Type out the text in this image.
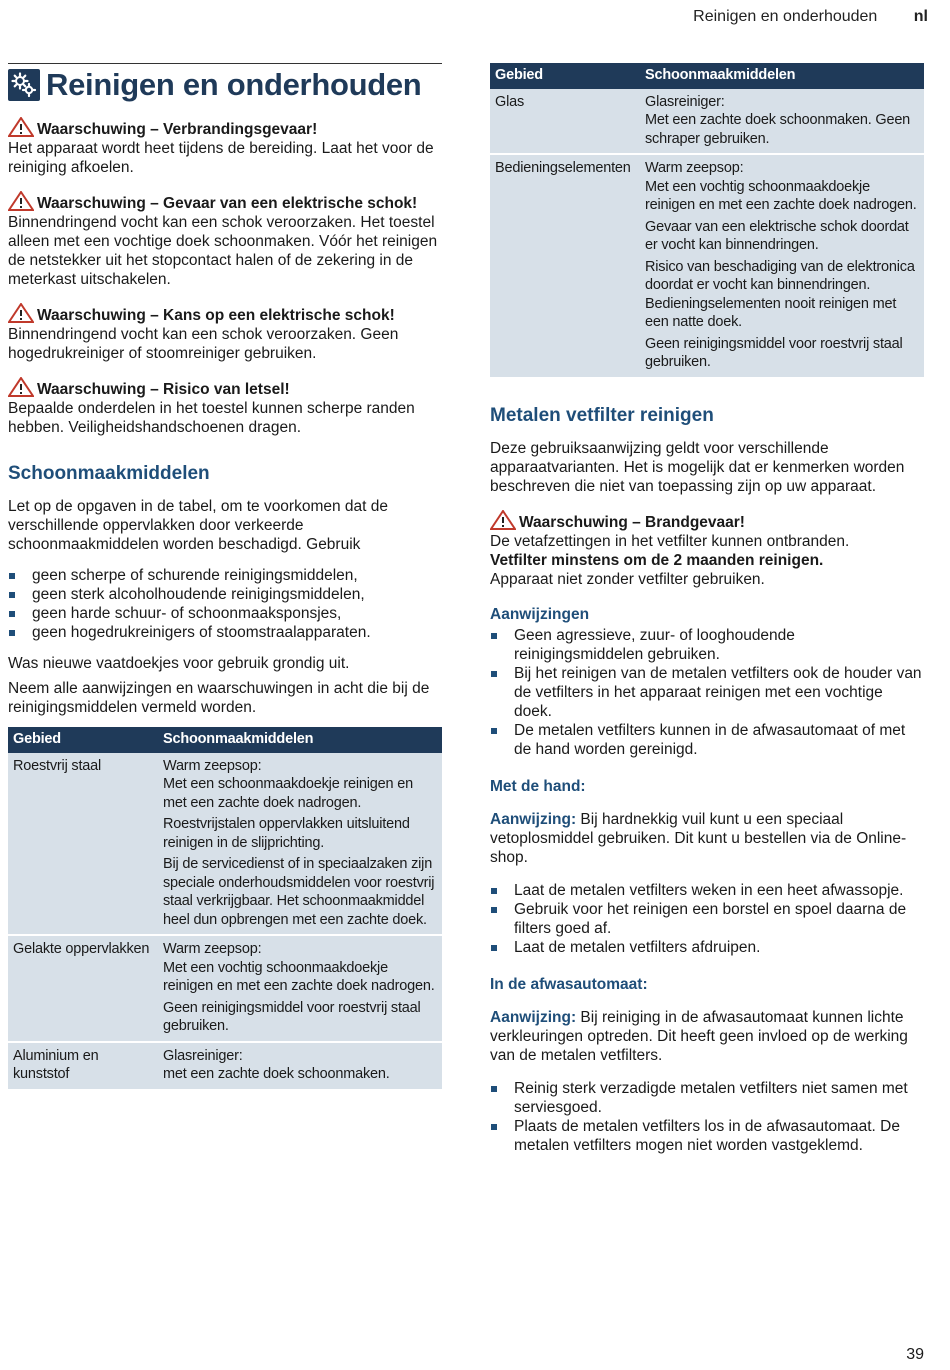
Reinigen en onderhouden nl
Reinigen en onderhouden
Waarschuwing – Verbrandingsgevaar!

Het apparaat wordt heet tijdens de bereiding. Laat het voor de reiniging afkoelen.

Waarschuwing – Gevaar van een elektrische schok!

Binnendringend vocht kan een schok veroorzaken. Het toestel alleen met een vochtige doek schoonmaken. Vóór het reinigen de netstekker uit het stopcontact halen of de zekering in de meterkast uitschakelen.

Waarschuwing – Kans op een elektrische schok!

Binnendringend vocht kan een schok veroorzaken. Geen hogedrukreiniger of stoomreiniger gebruiken.

Waarschuwing – Risico van letsel!

Bepaalde onderdelen in het toestel kunnen scherpe randen hebben. Veiligheidshandschoenen dragen.

Schoonmaakmiddelen

Let op de opgaven in de tabel, om te voorkomen dat de verschillende oppervlakken door verkeerde schoonmaakmiddelen worden beschadigd. Gebruik

geen scherpe of schurende reinigingsmiddelen,
geen sterk alcoholhoudende reinigingsmiddelen,
geen harde schuur- of schoonmaaksponsjes,
geen hogedrukreinigers of stoomstraalapparaten.

Was nieuwe vaatdoekjes voor gebruik grondig uit.

Neem alle aanwijzingen en waarschuwingen in acht die bij de reinigingsmiddelen vermeld worden.

Gebied	Schoonmaakmiddelen
Roestvrij staal	Warm zeepsop:
Met een schoonmaakdoekje reinigen en met een zachte doek nadrogen.
Roestvrijstalen oppervlakken uitsluitend reinigen in de slijprichting.
Bij de servicedienst of in speciaalzaken zijn speciale onderhoudsmiddelen voor roestvrij staal verkrijgbaar. Het schoonmaakmiddel heel dun opbrengen met een zachte doek.

Gelakte oppervlakken	Warm zeepsop:
Met een vochtig schoonmaakdoekje reinigen en met een zachte doek nadrogen.
Geen reinigingsmiddel voor roestvrij staal gebruiken.

Aluminium en kunststof	Glasreiniger:
met een zachte doek schoonmaken.
Gebied	Schoonmaakmiddelen
Glas	Glasreiniger:
Met een zachte doek schoonmaken. Geen schraper gebruiken.

Bedieningselementen	Warm zeepsop:
Met een vochtig schoonmaakdoekje reinigen en met een zachte doek nadrogen.
Gevaar van een elektrische schok doordat er vocht kan binnendringen.
Risico van beschadiging van de elektronica doordat er vocht kan binnendringen. Bedieningselementen nooit reinigen met een natte doek.
Geen reinigingsmiddel voor roestvrij staal gebruiken.
Metalen vetfilter reinigen

Deze gebruiksaanwijzing geldt voor verschillende apparaatvarianten. Het is mogelijk dat er kenmerken worden beschreven die niet van toepassing zijn op uw apparaat.

Waarschuwing – Brandgevaar!

De vetafzettingen in het vetfilter kunnen ontbranden.

Vetfilter minstens om de 2 maanden reinigen.

Apparaat niet zonder vetfilter gebruiken.

Aanwijzingen
Geen agressieve, zuur- of looghoudende reinigingsmiddelen gebruiken.
Bij het reinigen van de metalen vetfilters ook de houder van de vetfilters in het apparaat reinigen met een vochtige doek.
De metalen vetfilters kunnen in de afwasautomaat of met de hand worden gereinigd.
Met de hand:

Aanwijzing: Bij hardnekkig vuil kunt u een speciaal vetoplosmiddel gebruiken. Dit kunt u bestellen via de Online-shop.

Laat de metalen vetfilters weken in een heet afwassopje.
Gebruik voor het reinigen een borstel en spoel daarna de filters goed af.
Laat de metalen vetfilters afdruipen.
In de afwasautomaat:

Aanwijzing: Bij reiniging in de afwasautomaat kunnen lichte verkleuringen optreden. Dit heeft geen invloed op de werking van de metalen vetfilters.

Reinig sterk verzadigde metalen vetfilters niet samen met serviesgoed.
Plaats de metalen vetfilters los in de afwasautomaat. De metalen vetfilters mogen niet worden vastgeklemd.
39
